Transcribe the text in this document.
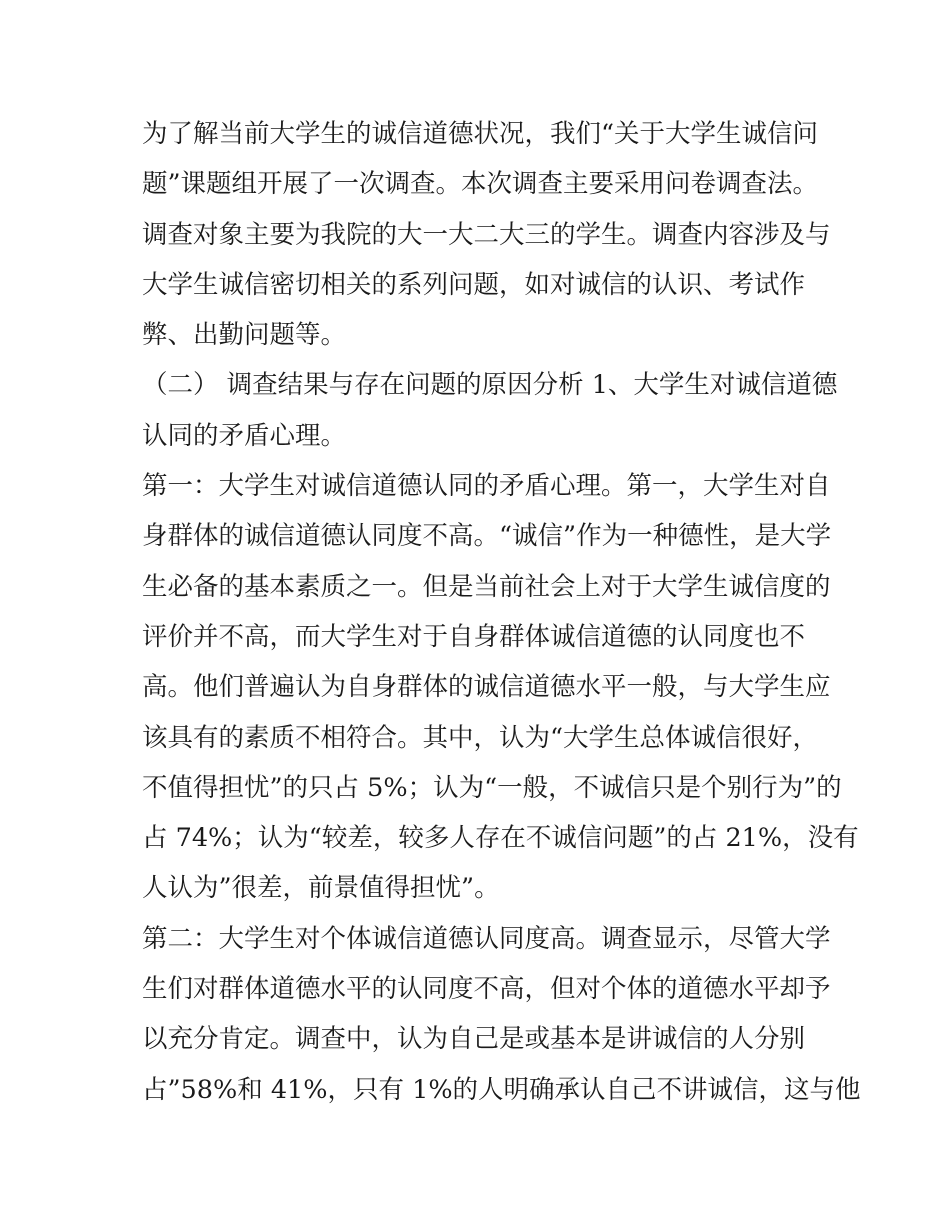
为了解当前大学生的诚信道德状况，我们“关于大学生诚信问
题”课题组开展了一次调查。本次调查主要采用问卷调查法。
调查对象主要为我院的大一大二大三的学生。调查内容涉及与
大学生诚信密切相关的系列问题，如对诚信的认识、考试作
弊、出勤问题等。
（二） 调查结果与存在问题的原因分析 1、大学生对诚信道德
认同的矛盾心理。
第一：大学生对诚信道德认同的矛盾心理。第一，大学生对自
身群体的诚信道德认同度不高。“诚信”作为一种德性，是大学
生必备的基本素质之一。但是当前社会上对于大学生诚信度的
评价并不高，而大学生对于自身群体诚信道德的认同度也不
高。他们普遍认为自身群体的诚信道德水平一般，与大学生应
该具有的素质不相符合。其中，认为“大学生总体诚信很好，
不值得担忧”的只占 5%；认为“一般，不诚信只是个别行为”的
占 74%；认为“较差，较多人存在不诚信问题”的占 21%，没有
人认为”很差，前景值得担忧”。
第二：大学生对个体诚信道德认同度高。调查显示，尽管大学
生们对群体道德水平的认同度不高，但对个体的道德水平却予
以充分肯定。调查中，认为自己是或基本是讲诚信的人分别
占”58%和 41%，只有 1%的人明确承认自己不讲诚信，这与他
